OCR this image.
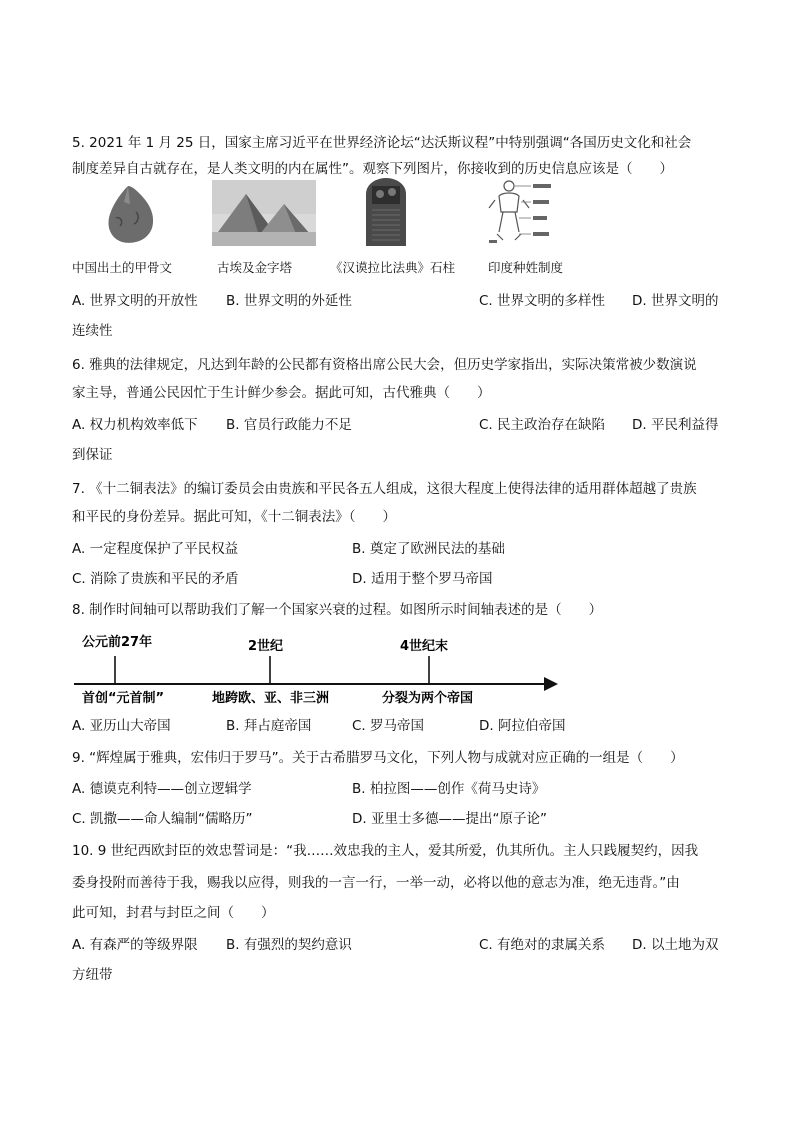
5. 2021 年 1 月 25 日，国家主席习近平在世界经济论坛“达沃斯议程”中特别强调“各国历史文化和社会
制度差异自古就存在，是人类文明的内在属性”。观察下列图片，你接收到的历史信息应该是（　　）
中国出土的甲骨文	古埃及金字塔	《汉谟拉比法典》石柱	印度种姓制度
A. 世界文明的开放性 B. 世界文明的外延性	C. 世界文明的多样性 D. 世界文明的
连续性
6. 雅典的法律规定，凡达到年龄的公民都有资格出席公民大会，但历史学家指出，实际决策常被少数演说
家主导，普通公民因忙于生计鲜少参会。据此可知，古代雅典（　　）
A. 权力机构效率低下 B. 官员行政能力不足	C. 民主政治存在缺陷 D. 平民利益得
到保证
7. 《十二铜表法》的编订委员会由贵族和平民各五人组成，这很大程度上使得法律的适用群体超越了贵族
和平民的身份差异。据此可知，《十二铜表法》（　　）
A. 一定程度保护了平民权益	B. 奠定了欧洲民法的基础
C. 消除了贵族和平民的矛盾	D. 适用于整个罗马帝国
8. 制作时间轴可以帮助我们了解一个国家兴衰的过程。如图所示时间轴表述的是（　　）
公元前27年	2世纪	4世纪末
首创“元首制”	地跨欧、亚、非三洲	分裂为两个帝国
A. 亚历山大帝国	B. 拜占庭帝国	C. 罗马帝国	D. 阿拉伯帝国
9. “辉煌属于雅典，宏伟归于罗马”。关于古希腊罗马文化，下列人物与成就对应正确的一组是（　　）
A. 德谟克利特——创立逻辑学	B. 柏拉图——创作《荷马史诗》
C. 凯撒——命人编制“儒略历”	D. 亚里士多德——提出“原子论”
10. 9 世纪西欧封臣的效忠誓词是：“我……效忠我的主人，爱其所爱，仇其所仇。主人只践履契约，因我
委身投附而善待于我，赐我以应得，则我的一言一行，一举一动，必将以他的意志为准，绝无违背。”由
此可知，封君与封臣之间（　　）
A. 有森严的等级界限 B. 有强烈的契约意识	C. 有绝对的隶属关系 D. 以土地为双
方纽带
